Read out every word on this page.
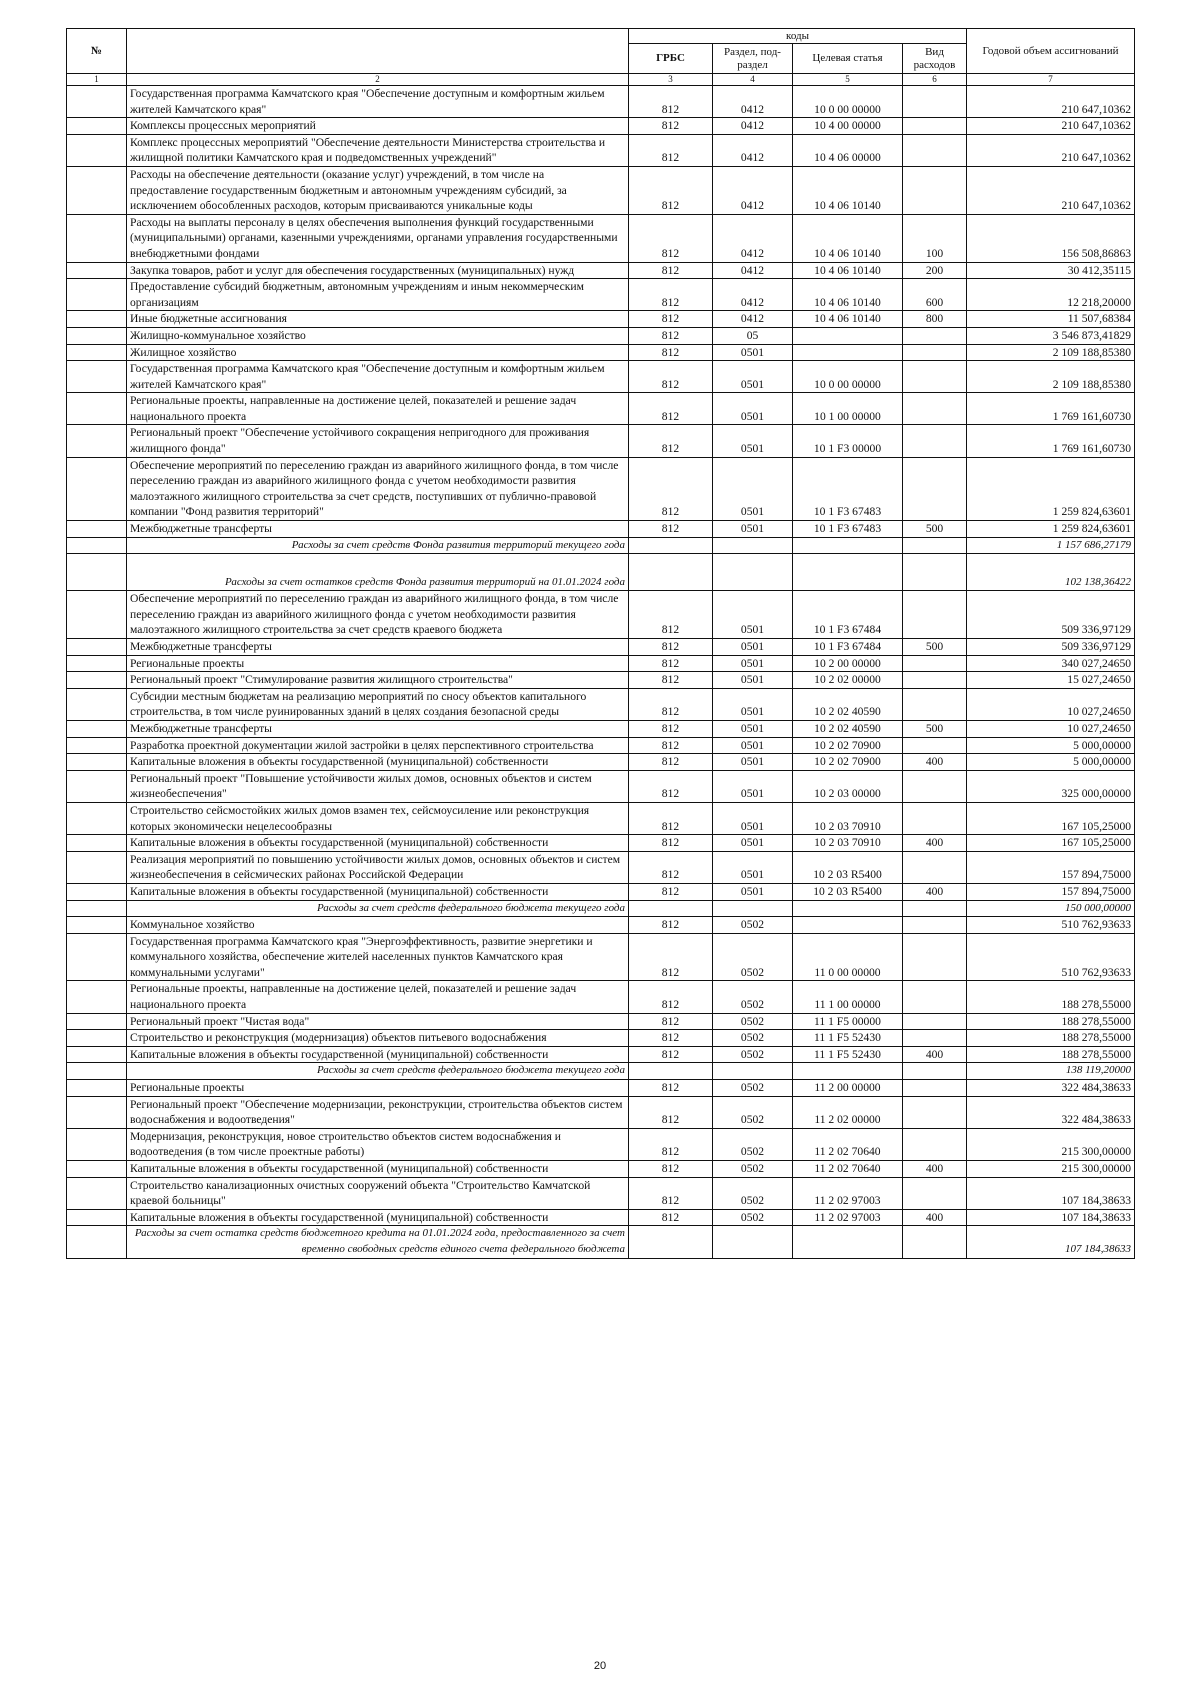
№		коды				Годовой объем ассигнований
		ГРБС	Раздел, под- раздел	Целевая статья	Вид расходов	
1	2	3	4	5	6	7
	Государственная программа Камчатского края "Обеспечение доступным и комфортным жильем жителей Камчатского края"	812	0412	10 0 00 00000		210 647,10362
	Комплексы процессных мероприятий	812	0412	10 4 00 00000		210 647,10362
	Комплекс процессных мероприятий "Обеспечение деятельности Министерства строительства и жилищной политики Камчатского края и подведомственных учреждений"	812	0412	10 4 06 00000		210 647,10362
	Расходы на обеспечение деятельности (оказание услуг) учреждений, в том числе на предоставление государственным бюджетным и автономным учреждениям субсидий, за исключением обособленных расходов, которым присваиваются уникальные коды	812	0412	10 4 06 10140		210 647,10362
	Расходы на выплаты персоналу в целях обеспечения выполнения функций государственными (муниципальными) органами, казенными учреждениями, органами управления государственными внебюджетными фондами	812	0412	10 4 06 10140	100	156 508,86863
	Закупка товаров, работ и услуг для обеспечения государственных (муниципальных) нужд	812	0412	10 4 06 10140	200	30 412,35115
	Предоставление субсидий бюджетным, автономным учреждениям и иным некоммерческим организациям	812	0412	10 4 06 10140	600	12 218,20000
	Иные бюджетные ассигнования	812	0412	10 4 06 10140	800	11 507,68384
	Жилищно-коммунальное хозяйство	812	05			3 546 873,41829
	Жилищное хозяйство	812	0501			2 109 188,85380
	Государственная программа Камчатского края "Обеспечение доступным и комфортным жильем жителей Камчатского края"	812	0501	10 0 00 00000		2 109 188,85380
	Региональные проекты, направленные на достижение целей, показателей и решение задач национального проекта	812	0501	10 1 00 00000		1 769 161,60730
	Региональный проект "Обеспечение устойчивого сокращения непригодного для проживания жилищного фонда"	812	0501	10 1 F3 00000		1 769 161,60730
	Обеспечение мероприятий по переселению граждан из аварийного жилищного фонда, в том числе переселению граждан из аварийного жилищного фонда с учетом необходимости развития малоэтажного жилищного строительства за счет средств, поступивших от публично-правовой компании "Фонд развития территорий"	812	0501	10 1 F3 67483		1 259 824,63601
	Межбюджетные трансферты	812	0501	10 1 F3 67483	500	1 259 824,63601
	Расходы за счет средств Фонда развития территорий текущего года					1 157 686,27179
	Расходы за счет остатков средств Фонда развития территорий на 01.01.2024 года					102 138,36422
	Обеспечение мероприятий по переселению граждан из аварийного жилищного фонда, в том числе переселению граждан из аварийного жилищного фонда с учетом необходимости развития малоэтажного жилищного строительства за счет средств краевого бюджета	812	0501	10 1 F3 67484		509 336,97129
	Межбюджетные трансферты	812	0501	10 1 F3 67484	500	509 336,97129
	Региональные проекты	812	0501	10 2 00 00000		340 027,24650
	Региональный проект "Стимулирование развития жилищного строительства"	812	0501	10 2 02 00000		15 027,24650
	Субсидии местным бюджетам на реализацию мероприятий по сносу объектов капитального строительства, в том числе руинированных зданий в целях создания безопасной среды	812	0501	10 2 02 40590		10 027,24650
	Межбюджетные трансферты	812	0501	10 2 02 40590	500	10 027,24650
	Разработка проектной документации жилой застройки в целях перспективного строительства	812	0501	10 2 02 70900		5 000,00000
	Капитальные вложения в объекты государственной (муниципальной) собственности	812	0501	10 2 02 70900	400	5 000,00000
	Региональный проект "Повышение устойчивости жилых домов, основных объектов и систем жизнеобеспечения"	812	0501	10 2 03 00000		325 000,00000
	Строительство сейсмостойких жилых домов взамен тех, сейсмоусиление или реконструкция которых экономически нецелесообразны	812	0501	10 2 03 70910		167 105,25000
	Капитальные вложения в объекты государственной (муниципальной) собственности	812	0501	10 2 03 70910	400	167 105,25000
	Реализация мероприятий по повышению устойчивости жилых домов, основных объектов и систем жизнеобеспечения в сейсмических районах Российской Федерации	812	0501	10 2 03 R5400		157 894,75000
	Капитальные вложения в объекты государственной (муниципальной) собственности	812	0501	10 2 03 R5400	400	157 894,75000
	Расходы за счет средств федерального бюджета текущего года					150 000,00000
	Коммунальное хозяйство	812	0502			510 762,93633
	Государственная программа Камчатского края "Энергоэффективность, развитие энергетики и коммунального хозяйства, обеспечение жителей населенных пунктов Камчатского края коммунальными услугами"	812	0502	11 0 00 00000		510 762,93633
	Региональные проекты, направленные на достижение целей, показателей и решение задач национального проекта	812	0502	11 1 00 00000		188 278,55000
	Региональный проект "Чистая вода"	812	0502	11 1 F5 00000		188 278,55000
	Строительство и реконструкция (модернизация) объектов питьевого водоснабжения	812	0502	11 1 F5 52430		188 278,55000
	Капитальные вложения в объекты государственной (муниципальной) собственности	812	0502	11 1 F5 52430	400	188 278,55000
	Расходы за счет средств федерального бюджета текущего года					138 119,20000
	Региональные проекты	812	0502	11 2 00 00000		322 484,38633
	Региональный проект "Обеспечение модернизации, реконструкции, строительства объектов систем водоснабжения и водоотведения"	812	0502	11 2 02 00000		322 484,38633
	Модернизация, реконструкция, новое строительство объектов систем водоснабжения и водоотведения (в том числе проектные работы)	812	0502	11 2 02 70640		215 300,00000
	Капитальные вложения в объекты государственной (муниципальной) собственности	812	0502	11 2 02 70640	400	215 300,00000
	Строительство канализационных очистных сооружений объекта "Строительство Камчатской краевой больницы"	812	0502	11 2 02 97003		107 184,38633
	Капитальные вложения в объекты государственной (муниципальной) собственности	812	0502	11 2 02 97003	400	107 184,38633
	Расходы за счет остатка средств бюджетного кредита на 01.01.2024 года, предоставленного за счет временно свободных средств единого счета федерального бюджета					107 184,38633
20
